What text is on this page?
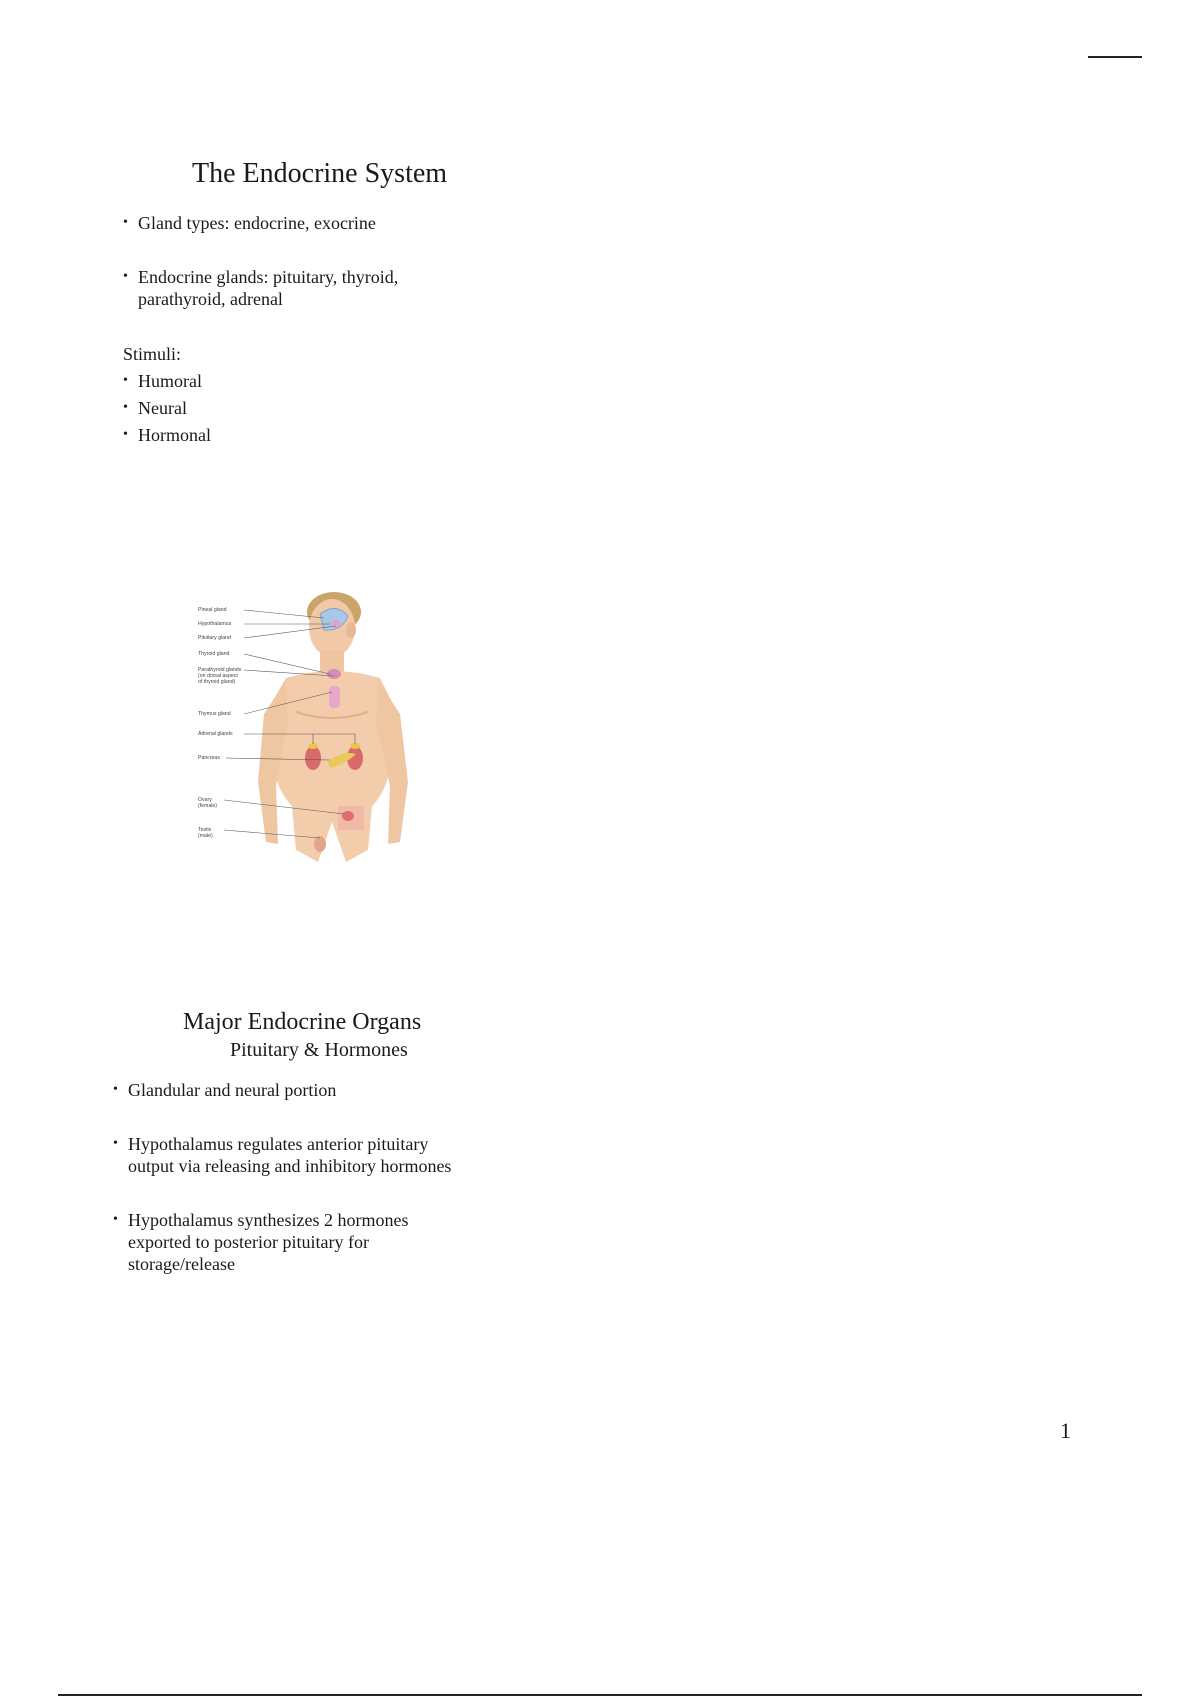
The Endocrine System
• Gland types: endocrine, exocrine
• Endocrine glands: pituitary, thyroid,
parathyroid, adrenal
Stimuli:
• Humoral
• Neural
• Hormonal
Pineal gland
Hypothalamus
Pituitary gland
Thyroid gland
Parathyroid glands
(on dorsal aspect
of thyroid gland)
Thymus gland
Adrenal glands
Pancreas
Ovary
(female)
Testis
(male)
Major Endocrine Organs
Pituitary & Hormones
• Glandular and neural portion
• Hypothalamus regulates anterior pituitary
output via releasing and inhibitory hormones
• Hypothalamus synthesizes 2 hormones
exported to posterior pituitary for
storage/release
1
